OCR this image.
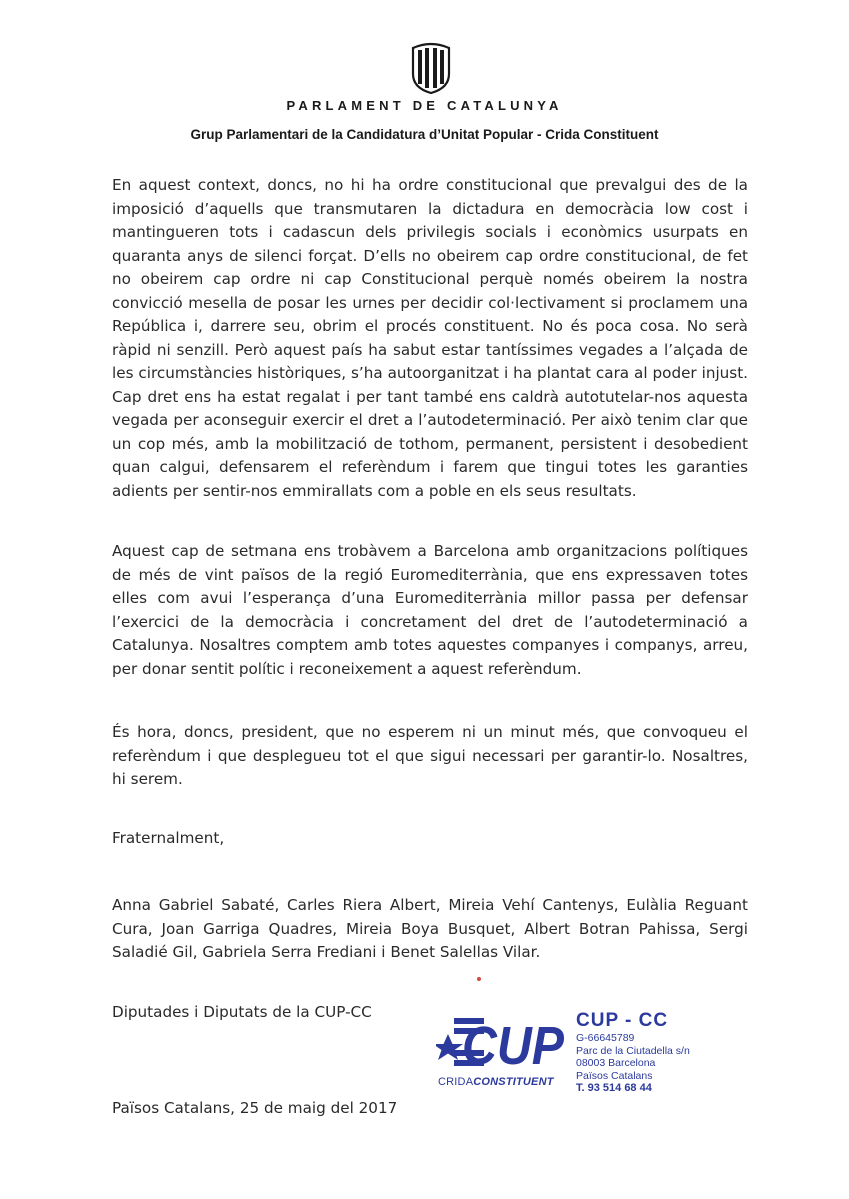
PARLAMENT DE CATALUNYA
Grup Parlamentari de la Candidatura d’Unitat Popular - Crida Constituent

En aquest context, doncs, no hi ha ordre constitucional que prevalgui des de la imposició d’aquells que transmutaren la dictadura en democràcia low cost i mantingueren tots i cadascun dels privilegis socials i econòmics usurpats en quaranta anys de silenci forçat. D’ells no obeirem cap ordre constitucional, de fet no obeirem cap ordre ni cap Constitucional perquè només obeirem la nostra convicció mesella de posar les urnes per decidir col·lectivament si proclamem una República i, darrere seu, obrim el procés constituent. No és poca cosa. No serà ràpid ni senzill. Però aquest país ha sabut estar tantíssimes vegades a l’alçada de les circumstàncies històriques, s’ha autoorganitzat i ha plantat cara al poder injust. Cap dret ens ha estat regalat i per tant també ens caldrà autotutelar-nos aquesta vegada per aconseguir exercir el dret a l’autodeterminació. Per això tenim clar que un cop més, amb la mobilització de tothom, permanent, persistent i desobedient quan calgui, defensarem el referèndum i farem que tingui totes les garanties adients per sentir-nos emmirallats com a poble en els seus resultats.

Aquest cap de setmana ens trobàvem a Barcelona amb organitzacions polítiques de més de vint països de la regió Euromediterrània, que ens expressaven totes elles com avui l’esperança d’una Euromediterrània millor passa per defensar l’exercici de la democràcia i concretament del dret de l’autodeterminació a Catalunya. Nosaltres comptem amb totes aquestes companyes i companys, arreu, per donar sentit polític i reconeixement a aquest referèndum.

És hora, doncs, president, que no esperem ni un minut més, que convoqueu el referèndum i que desplegueu tot el que sigui necessari per garantir-lo. Nosaltres, hi serem.

Fraternalment,

Anna Gabriel Sabaté, Carles Riera Albert, Mireia Vehí Cantenys, Eulàlia Reguant Cura, Joan Garriga Quadres, Mireia Boya Busquet, Albert Botran Pahissa, Sergi Saladié Gil, Gabriela Serra Frediani i Benet Salellas Vilar.

Diputades i Diputats de la CUP-CC

Països Catalans, 25 de maig del 2017

CUP
CRIDACONSTITUENT
CUP - CC
G-66645789
Parc de la Ciutadella s/n
08003 Barcelona
Països Catalans
T. 93 514 68 44
